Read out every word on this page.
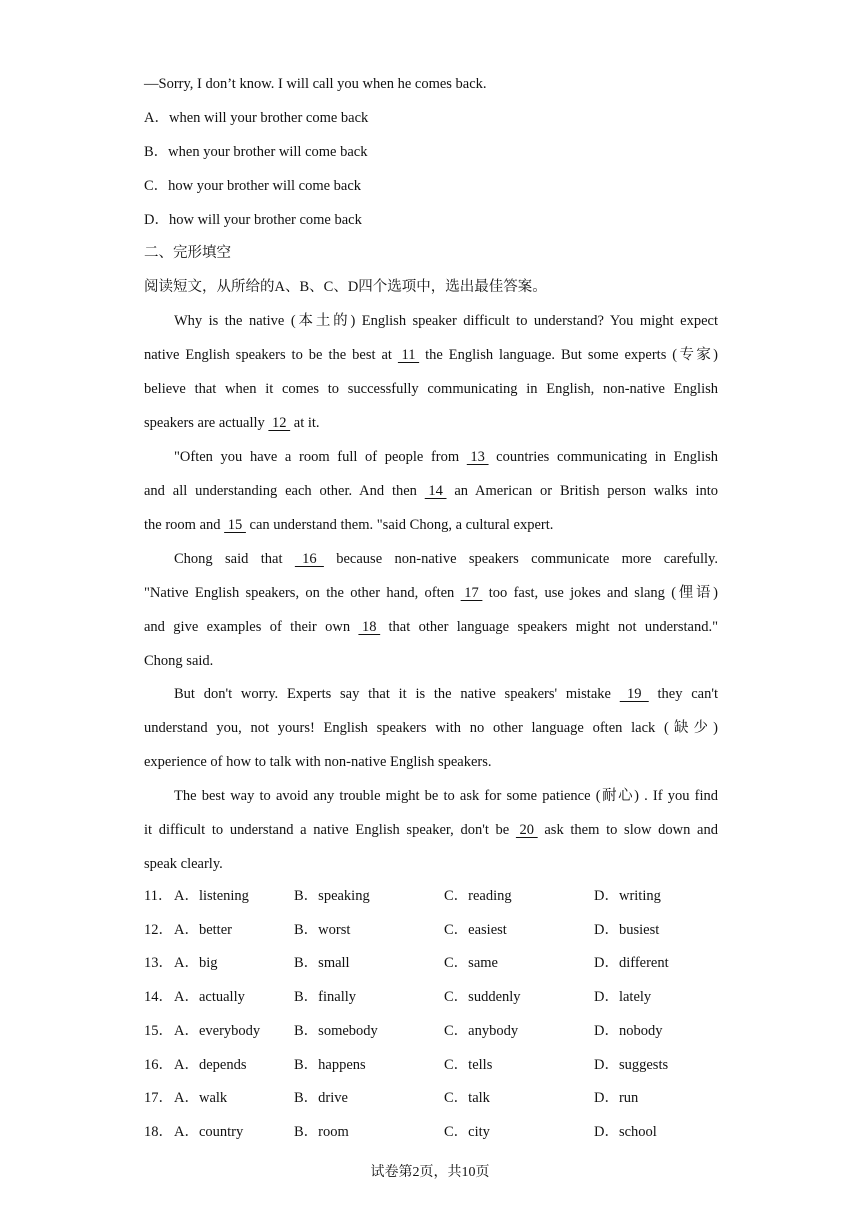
—Sorry, I don’t know. I will call you when he comes back.
A．when will your brother come back
B．when your brother will come back
C．how your brother will come back
D．how will your brother come back
二、完形填空
阅读短文，从所给的A、B、C、D四个选项中，选出最佳答案。
Why is the native (本土的) English speaker difficult to understand? You might expect
native English speakers to be the best at  11  the English language. But some experts (专家)
believe that when it comes to successfully communicating in English, non-native English
speakers are actually  12  at it.
"Often you have a room full of people from  13  countries communicating in English
and all understanding each other. And then  14  an American or British person walks into
the room and  15  can understand them. "said Chong, a cultural expert.
Chong said that   16   because non-native speakers communicate more carefully.
"Native English speakers, on the other hand, often  17  too fast, use jokes and slang (俚语)
and give examples of their own  18  that other language speakers might not understand."
Chong said.
But don't worry. Experts say that it is the native speakers' mistake   19   they can't
understand you, not yours! English speakers with no other language often lack (缺少)
experience of how to talk with non-native English speakers.
The best way to avoid any trouble might be to ask for some patience (耐心) . If you find
it difficult to understand a native English speaker, don't be  20  ask them to slow down and
speak clearly.
11． A．listening	B．speaking	C．reading	D．writing
12． A．better	B．worst	C．easiest	D．busiest
13． A．big	B．small	C．same	D．different
14． A．actually	B．finally	C．suddenly	D．lately
15． A．everybody B．somebody	C．anybody	D．nobody
16． A．depends	B．happens	C．tells	D．suggests
17． A．walk	B．drive	C．talk	D．run
18． A．country	B．room	C．city	D．school
试卷第2页，共10页
